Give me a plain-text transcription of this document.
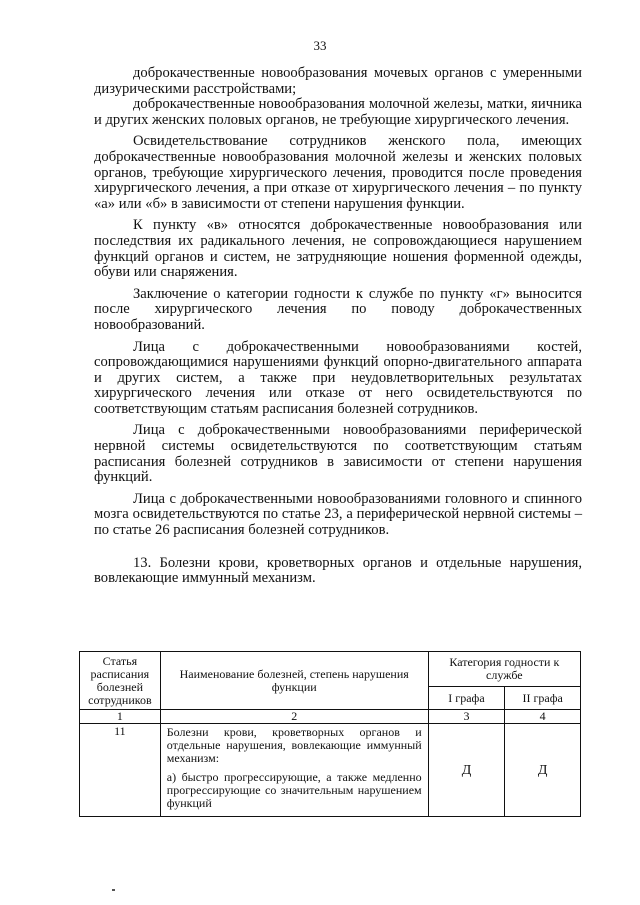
33

доброкачественные новообразования мочевых органов с умеренными дизурическими расстройствами;

доброкачественные новообразования молочной железы, матки, яичника и других женских половых органов, не требующие хирургического лечения.

Освидетельствование сотрудников женского пола, имеющих доброкачественные новообразования молочной железы и женских половых органов, требующие хирургического лечения, проводится после проведения хирургического лечения, а при отказе от хирургического лечения – по пункту «а» или «б» в зависимости от степени нарушения функции.

К пункту «в» относятся доброкачественные новообразования или последствия их радикального лечения, не сопровождающиеся нарушением функций органов и систем, не затрудняющие ношения форменной одежды, обуви или снаряжения.

Заключение о категории годности к службе по пункту «г» выносится после хирургического лечения по поводу доброкачественных новообразований.

Лица с доброкачественными новообразованиями костей, сопровождающимися нарушениями функций опорно-двигательного аппарата и других систем, а также при неудовлетворительных результатах хирургического лечения или отказе от него освидетельствуются по соответствующим статьям расписания болезней сотрудников.

Лица с доброкачественными новообразованиями периферической нервной системы освидетельствуются по соответствующим статьям расписания болезней сотрудников в зависимости от степени нарушения функций.

Лица с доброкачественными новообразованиями головного и спинного мозга освидетельствуются по статье 23, а периферической нервной системы – по статье 26 расписания болезней сотрудников.

13. Болезни крови, кроветворных органов и отдельные нарушения, вовлекающие иммунный механизм.

Статья расписания болезней сотрудников	Наименование болезней, степень нарушения функции	Категория годности к службе	
		I графа	II графа
1	2	3	4
11	Болезни крови, кроветворных органов и отдельные нарушения, вовлекающие иммунный механизм:

а) быстро прогрессирующие, а также медленно прогрессирующие со значительным нарушением функций	Д	Д
